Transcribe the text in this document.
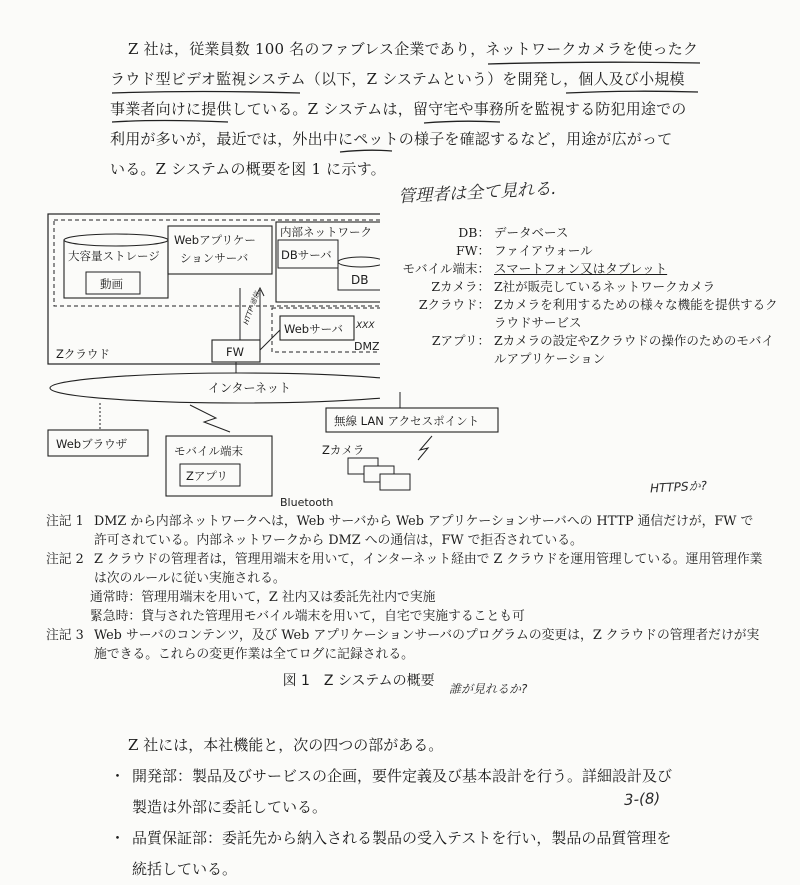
Z 社は，従業員数 100 名のファブレス企業であり，ネットワークカメラを使ったク
ラウド型ビデオ監視システム（以下，Z システムという）を開発し，個人及び小規模
事業者向けに提供している。Z システムは，留守宅や事務所を監視する防犯用途での
利用が多いが，最近では，外出中にペットの様子を確認するなど，用途が広がって
いる。Z システムの概要を図 1 に示す。
管理者は全て見れる.
大容量ストレージ
動画
Webアプリケー
ションサーバ
内部ネットワーク
DBサーバ
DB
Webサーバ
DMZ
XXX
HTTP 通信
FW
Zクラウド
インターネット
Webブラウザ	モバイル端末
Zアプリ
Bluetooth
無線 LAN アクセスポイント
Zカメラ
DB： データベース
FW： ファイアウォール
モバイル端末： スマートフォン又はタブレット
Zカメラ： Z社が販売しているネットワークカメラ
Zクラウド： Zカメラを利用するための様々な機能を提供するクラウドサービス
Zアプリ： Zカメラの設定やZクラウドの操作のためのモバイルアプリケーション
HTTPSか?
注記 1 DMZ から内部ネットワークへは，Web サーバから Web アプリケーションサーバへの HTTP 通信だけが，FW で許可されている。内部ネットワークから DMZ への通信は，FW で拒否されている。
注記 2 Z クラウドの管理者は，管理用端末を用いて，インターネット経由で Z クラウドを運用管理している。運用管理作業は次のルールに従い実施される。
通常時：管理用端末を用いて，Z 社内又は委託先社内で実施
緊急時：貸与された管理用モバイル端末を用いて，自宅で実施することも可
注記 3 Web サーバのコンテンツ，及び Web アプリケーションサーバのプログラムの変更は，Z クラウドの管理者だけが実施できる。これらの変更作業は全てログに記録される。
図 1　Z システムの概要 誰が見れるか?
Z 社には，本社機能と，次の四つの部がある。
・ 開発部：製品及びサービスの企画，要件定義及び基本設計を行う。詳細設計及び
製造は外部に委託している。
・ 品質保証部：委託先から納入される製品の受入テストを行い，製品の品質管理を
統括している。
3-(8)
